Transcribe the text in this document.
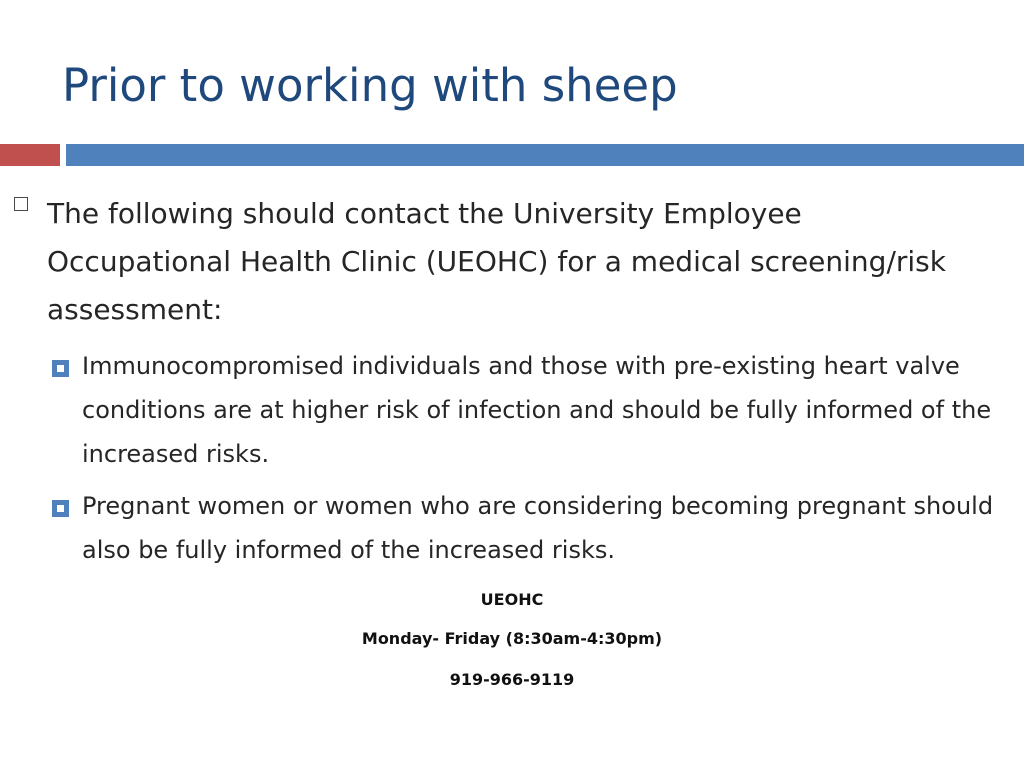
Prior to working with sheep
The following should contact the University Employee Occupational Health Clinic (UEOHC) for a medical screening/risk assessment:
Immunocompromised individuals and those with pre-existing heart valve conditions are at higher risk of infection and should be fully informed of the increased risks.
Pregnant women or women who are considering becoming pregnant should also be fully informed of the increased risks.
UEOHC
Monday- Friday (8:30am-4:30pm)
919-966-9119
